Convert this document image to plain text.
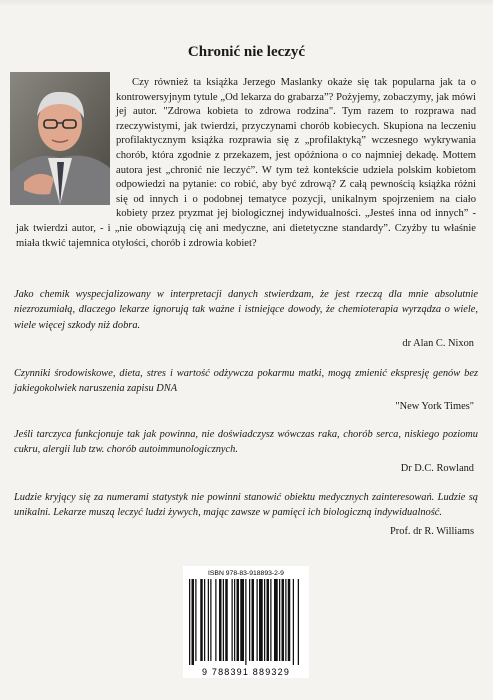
Chronić nie leczyć

Czy również ta książka Jerzego Maslanky okaże się tak popularna jak ta o kontrowersyjnym tytule „Od lekarza do grabarza”? Pożyjemy, zobaczymy, jak mówi jej autor. "Zdrowa kobieta to zdrowa rodzina". Tym razem to rozprawa nad rzeczywistymi, jak twierdzi, przyczynami chorób kobiecych. Skupiona na leczeniu profilaktycznym książka rozprawia się z „profilaktyką” wczesnego wykrywania chorób, która zgodnie z przekazem, jest opóźniona o co najmniej dekadę. Mottem autora jest „chronić nie leczyć”. W tym też kontekście udziela polskim kobietom odpowiedzi na pytanie: co robić, aby być zdrową? Z całą pewnością książka różni się od innych i o podobnej tematyce pozycji, unikalnym spojrzeniem na ciało kobiety przez pryzmat jej biologicznej indywidualności. „Jesteś inna od innych” - jak twierdzi autor, - i „nie obowiązują cię ani medyczne, ani dietetyczne standardy”. Czyżby tu właśnie miała tkwić tajemnica otyłości, chorób i zdrowia kobiet?

Jako chemik wyspecjalizowany w interpretacji danych stwierdzam, że jest rzeczą dla mnie absolutnie niezrozumiałą, dlaczego lekarze ignorują tak ważne i istniejące dowody, że chemioterapia wyrządza o wiele, wiele więcej szkody niż dobra.

dr Alan C. Nixon

Czynniki środowiskowe, dieta, stres i wartość odżywcza pokarmu matki, mogą zmienić ekspresję genów bez jakiegokolwiek naruszenia zapisu DNA

"New York Times"

Jeśli tarczyca funkcjonuje tak jak powinna, nie doświadczysz wówczas raka, chorób serca, niskiego poziomu cukru, alergii lub tzw. chorób autoimmunologicznych.

Dr D.C. Rowland

Ludzie kryjący się za numerami statystyk nie powinni stanowić obiektu medycznych zainteresowań. Ludzie są unikalni. Lekarze muszą leczyć ludzi żywych, mając zawsze w pamięci ich biologiczną indywidualność.

Prof. dr R. Williams

ISBN 978-83-918893-2-9
9 788391 889329
